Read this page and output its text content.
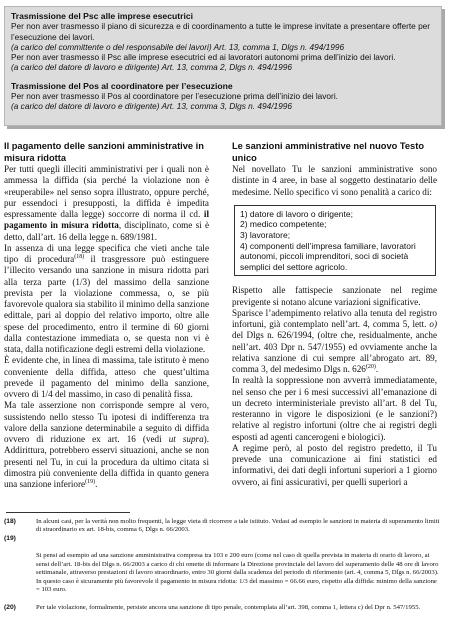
Trasmissione del Psc alle imprese esecutrici
Per non aver trasmesso il piano di sicurezza e di coordinamento a tutte le imprese invitate a presentare offerte per l’esecuzione dei lavori.
(a carico del committente o del responsabile dei lavori) Art. 13, comma 1, Dlgs n. 494/1996
Per non aver trasmesso il Psc alle imprese esecutrici ed ai lavoratori autonomi prima dell’inizio dei lavori.
(a carico del datore di lavoro e dirigente) Art. 13, comma 2, Dlgs n. 494/1996
Trasmissione del Pos al coordinatore per l’esecuzione
Per non aver trasmesso il Pos al coordinatore per l’esecuzione prima dell’inizio dei lavori.
(a carico del datore di lavoro e dirigente) Art. 13, comma 3, Dlgs n. 494/1996
Il pagamento delle sanzioni amministrative in misura ridotta

Per tutti quegli illeciti amministrativi per i quali non è ammessa la diffida (sia perché la violazione non è «reuperabile» nel senso sopra illustrato, oppure perché, pur essendoci i presupposti, la diffida è impedita espressamente dalla legge) soccorre di norma il cd. il pagamento in misura ridotta, disciplinato, come si è detto, dall’art. 16 della legge n. 689/1981.

In assenza di una legge specifica che vieti anche tale tipo di procedura$^{(18)}$ il trasgressore può estinguere l’illecito versando una sanzione in misura ridotta pari alla terza parte (1/3) del massimo della sanzione prevista per la violazione commessa, o, se più favorevole qualora sia stabilito il minimo della sanzione edittale, pari al doppio del relativo importo, oltre alle spese del procedimento, entro il termine di 60 giorni dalla contestazione immediata o, se questa non vi è stata, dalla notificazione degli estremi della violazione.

È evidente che, in linea di massima, tale istituto è meno conveniente della diffida, atteso che quest’ultima prevede il pagamento del minimo della sanzione, ovvero di 1/4 del massimo, in caso di penalità fissa.

Ma tale asserzione non corrisponde sempre al vero, sussistendo nello stesso Tu ipotesi di indifferenza tra valore della sanzione determinabile a seguito di diffida ovvero di riduzione ex art. 16 (vedi ut supra). Addirittura, potrebbero esservi situazioni, anche se non presenti nel Tu, in cui la procedura da ultimo citata si dimostra più conveniente della diffida in quanto genera una sanzione inferiore$^{(19)}$.

Le sanzioni amministrative nel nuovo Testo unico

Nel novellato Tu le sanzioni amministrative sono distinte in 4 aree, in base al soggetto destinatario delle medesime. Nello specifico vi sono penalità a carico di:

1) datore di lavoro o dirigente;
2) medico competente;
3) lavoratore;
4) componenti dell’impresa familiare, lavoratori autonomi, piccoli imprenditori, soci di società semplici del settore agricolo.

Rispetto alle fattispecie sanzionate nel regime previgente si notano alcune variazioni significative.

Sparisce l’adempimento relativo alla tenuta del registro infortuni, già contemplato nell’art. 4, comma 5, lett. o) del Dlgs n. 626/1994, (oltre che, residualmente, anche nell’art. 403 Dpr n. 547/1955) ed ovviamente anche la relativa sanzione di cui sempre all’abrogato art. 89, comma 3, del medesimo Dlgs n. 626$^{(20)}$.

In realtà la soppressione non avverrà immediatamente, nel senso che per i 6 mesi successivi all’emanazione di un decreto interministeriale previsto all’art. 8 del Tu, resteranno in vigore le disposizioni (e le sanzioni?) relative al registro infortuni (oltre che ai registri degli esposti ad agenti cancerogeni e biologici).

A regime però, al posto del registro predetto, il Tu prevede una comunicazione ai fini statistici ed informativi, dei dati degli infortuni superiori a 1 giorno ovvero, ai fini assicurativi, per quelli superiori a

(18)	In alcuni casi, per la verità non molto frequenti, la legge vieta di ricorrere a tale istituto. Vedasi ad esempio le sanzioni in materia di superamento limiti di straordinario ex art. 18-bis, comma 6, Dlgs n. 66/2003.

(19)

Si pensi ad esempio ad una sanzione amministrativa compresa tra 103 e 200 euro (come nel caso di quella prevista in materia di orario di lavoro, ai sensi dell’art. 18-bis del Dlgs n. 66/2003 a carico di chi omette di informare la Direzione provinciale del lavoro del superamento delle 48 ore di lavoro settimanale, attraverso prestazioni di lavoro straordinario, entro 30 giorni dalla scadenza del periodo di riferimento (art. 4, comma 5, Dlgs n. 66/2003).
In questo caso è sicuramente più favorevole il pagamento in misura ridotta: 1/3 del massimo = 66.66 euro, rispetto alla diffida: minimo della sanzione = 103 euro.

(20)	Per tale violazione, formalmente, persiste ancora una sanzione di tipo penale, contemplata all’art. 398, comma 1, lettera c) del Dpr n. 547/1955.
